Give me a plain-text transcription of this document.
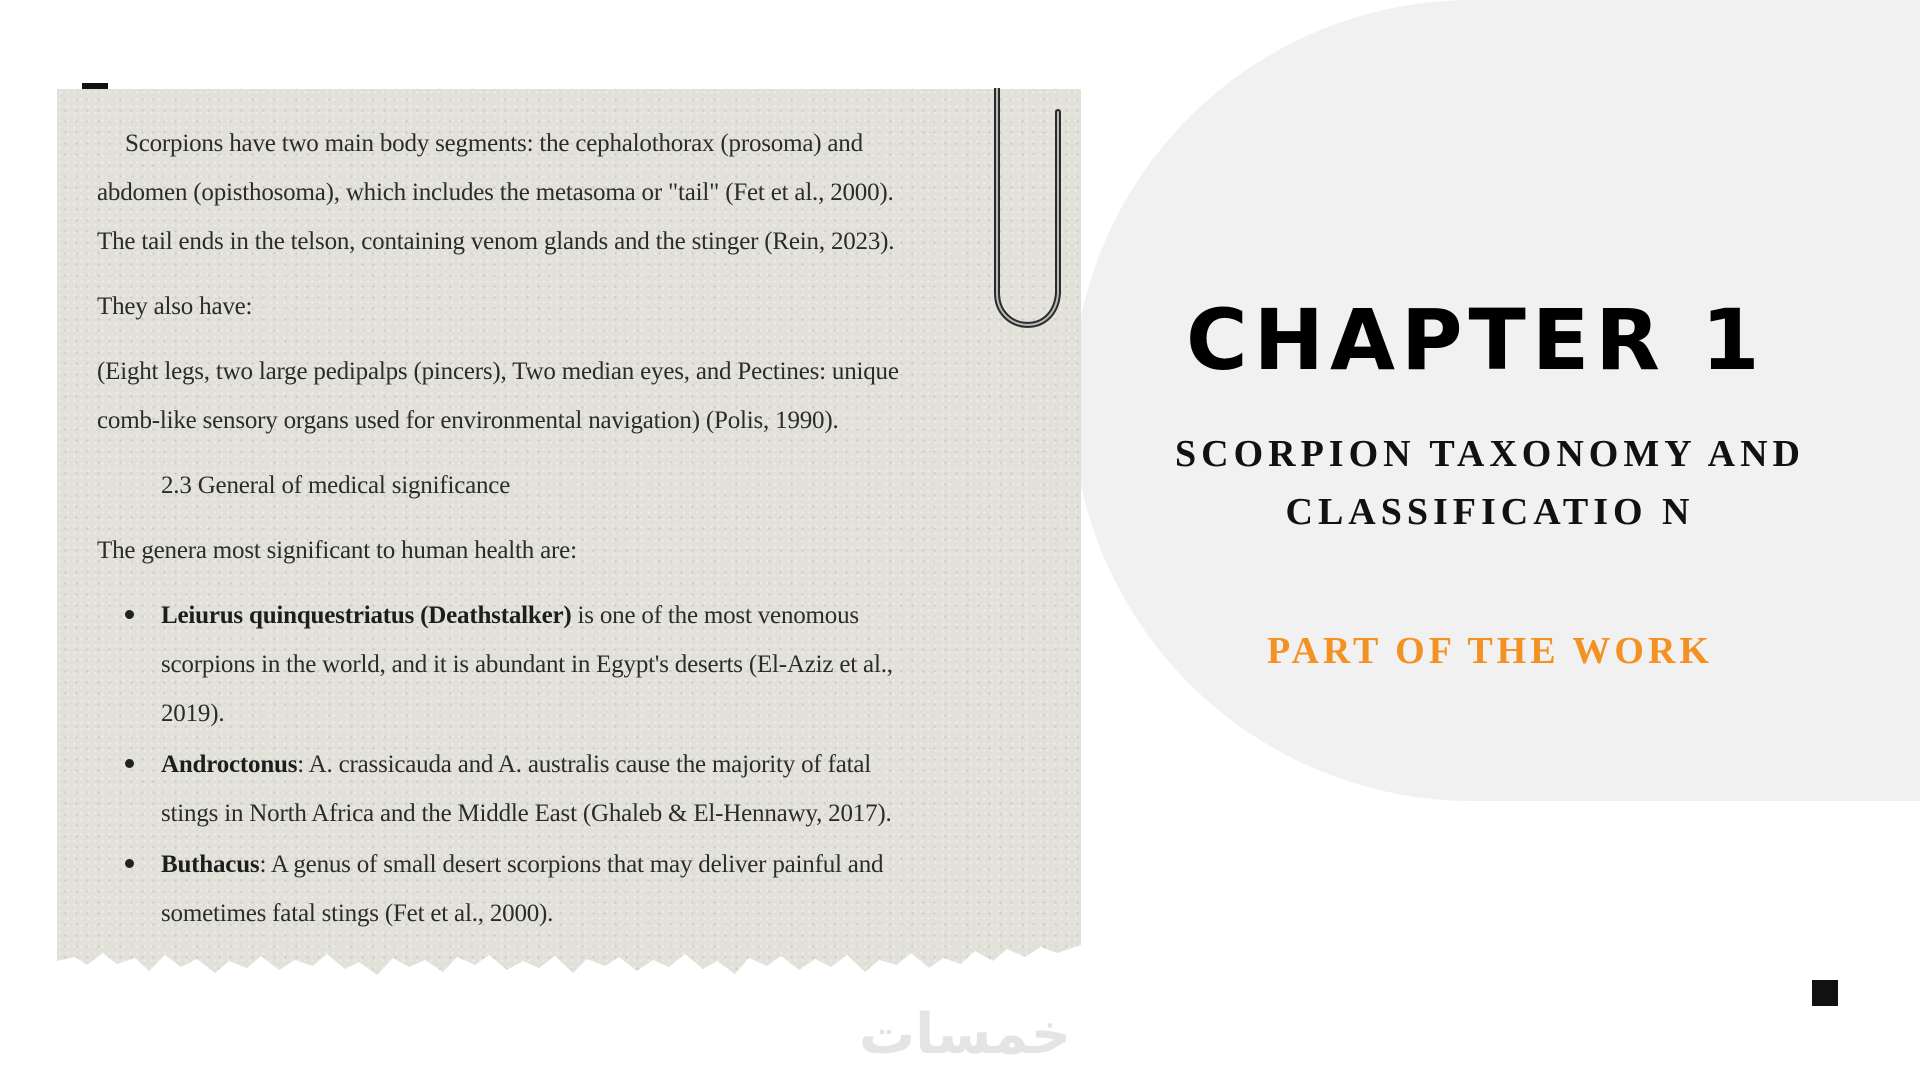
Scorpions have two main body segments: the cephalothorax (prosoma) and

abdomen (opisthosoma), which includes the metasoma or "tail" (Fet et al., 2000).

The tail ends in the telson, containing venom glands and the stinger (Rein, 2023).

They also have:

(Eight legs, two large pedipalps (pincers), Two median eyes, and Pectines: unique

comb-like sensory organs used for environmental navigation) (Polis, 1990).

2.3 General of medical significance

The genera most significant to human health are:

Leiurus quinquestriatus (Deathstalker) is one of the most venomous
scorpions in the world, and it is abundant in Egypt's deserts (El-Aziz et al.,
2019).
Androctonus: A. crassicauda and A. australis cause the majority of fatal
stings in North Africa and the Middle East (Ghaleb & El-Hennawy, 2017).
Buthacus: A genus of small desert scorpions that may deliver painful and
sometimes fatal stings (Fet et al., 2000).
CHAPTER 1
SCORPION TAXONOMY AND
CLASSIFICATIO N
PART OF THE WORK
خمسات
